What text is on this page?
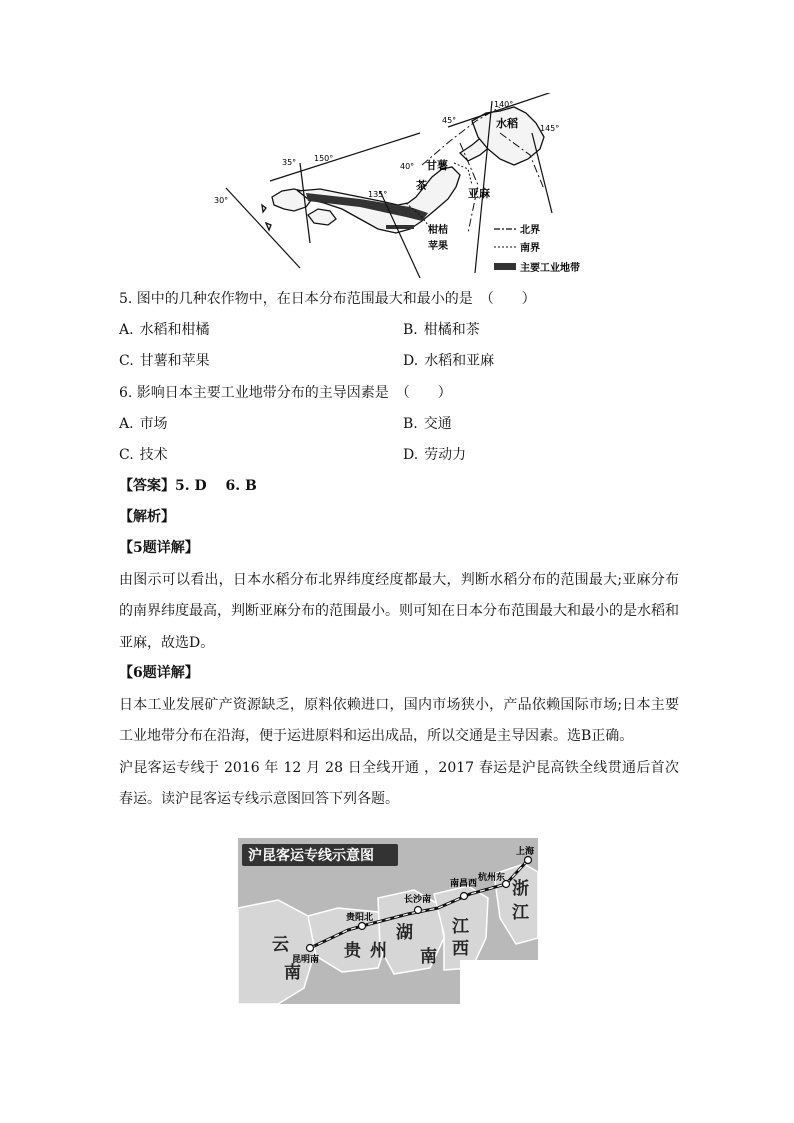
30°
35°	40°
45°
135°
140°
145°
150°
水稻
甘薯
茶
亚麻
柑桔
苹果
北界
南界
主要工业地带
5. 图中的几种农作物中，在日本分布范围最大和最小的是　（　　）
A. 水稻和柑橘	B. 柑橘和茶
C. 甘薯和苹果	D. 水稻和亚麻
6. 影响日本主要工业地带分布的主导因素是　（　　）
A. 市场	B. 交通
C. 技术	D. 劳动力
【答案】5. D　 6. B
【解析】
【5题详解】
由图示可以看出，日本水稻分布北界纬度经度都最大，判断水稻分布的范围最大;亚麻分布的南界纬度最高，判断亚麻分布的范围最小。则可知在日本分布范围最大和最小的是水稻和亚麻，故选D。
【6题详解】
日本工业发展矿产资源缺乏，原料依赖进口，国内市场狭小，产品依赖国际市场;日本主要工业地带分布在沿海，便于运进原料和运出成品，所以交通是主导因素。选B正确。
沪昆客运专线于 2016 年 12 月 28 日全线开通 ，2017 春运是沪昆高铁全线贯通后首次春运。读沪昆客运专线示意图回答下列各题。
沪昆客运专线示意图	上海
杭州东
南昌西
长沙南
贵阳北
昆明南
浙
江
江
西
湖
南
贵 州
云
南
